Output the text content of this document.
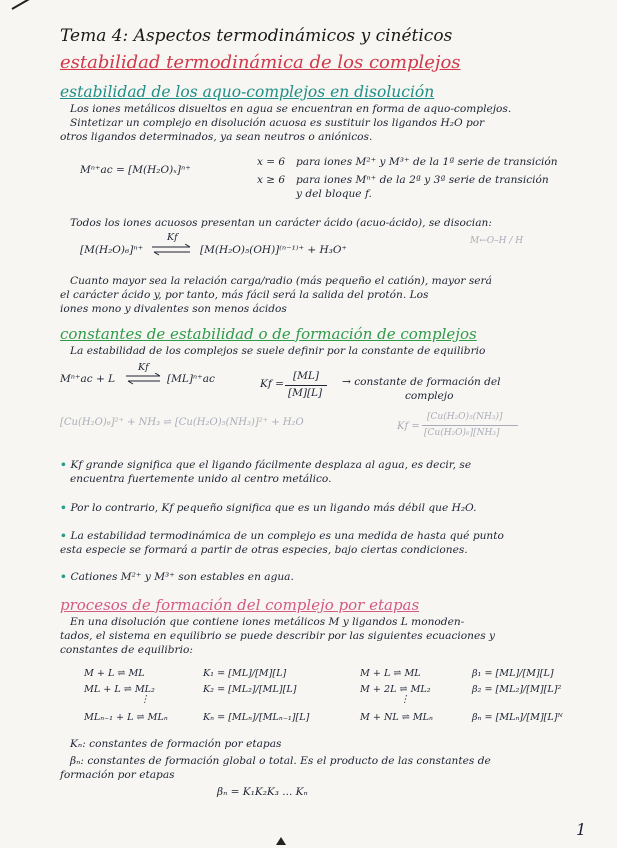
Tema 4: Aspectos termodinámicos y cinéticos
estabilidad termodinámica de los complejos
estabilidad de los aquo-complejos en disolución
Los iones metálicos disueltos en agua se encuentran en forma de aquo-complejos.
Sintetizar un complejo en disolución acuosa es sustituir los ligandos H₂O por
otros ligandos determinados, ya sean neutros o aniónicos.
Mⁿ⁺ac = [M(H₂O)ₓ]ⁿ⁺
x = 6 para iones M²⁺ y M³⁺ de la 1ª serie de transición
x ≥ 6 para iones Mⁿ⁺ de la 2ª y 3ª serie de transición
y del bloque f.
Todos los iones acuosos presentan un carácter ácido (acuo-ácido), se disocian:
[M(H₂O)₆]ⁿ⁺
Kf
⇌ [M(H₂O)₅(OH)]⁽ⁿ⁻¹⁾⁺ + H₃O⁺
M←O–H / H
Cuanto mayor sea la relación carga/radio (más pequeño el catión), mayor será
el carácter ácido y, por tanto, más fácil será la salida del protón. Los
iones mono y divalentes son menos ácidos
constantes de estabilidad o de formación de complejos
La estabilidad de los complejos se suele definir por la constante de equilibrio
Mⁿ⁺ac + L
Kf
⇌ [ML]ⁿ⁺ac	Kf =
[ML]
[M][L]
→ constante de formación del
complejo
[Cu(H₂O)₆]²⁺ + NH₃ ⇌ [Cu(H₂O)₅(NH₃)]²⁺ + H₂O	Kf =
[Cu(H₂O)₅(NH₃)]
[Cu(H₂O)₆][NH₃]
• Kf grande significa que el ligando fácilmente desplaza al agua, es decir, se
encuentra fuertemente unido al centro metálico.
• Por lo contrario, Kf pequeño significa que es un ligando más débil que H₂O.
• La estabilidad termodinámica de un complejo es una medida de hasta qué punto
esta especie se formará a partir de otras especies, bajo ciertas condiciones.
• Cationes M²⁺ y M³⁺ son estables en agua.
procesos de formación del complejo por etapas
En una disolución que contiene iones metálicos M y ligandos L monoden-
tados, el sistema en equilibrio se puede describir por las siguientes ecuaciones y
constantes de equilibrio:
M + L ⇌ ML	K₁ = [ML]/[M][L]	M + L ⇌ ML	β₁ = [ML]/[M][L]
ML + L ⇌ ML₂	K₂ = [ML₂]/[ML][L]	M + 2L ⇌ ML₂	β₂ = [ML₂]/[M][L]²
⋮	⋮
MLₙ₋₁ + L ⇌ MLₙ	Kₙ = [MLₙ]/[MLₙ₋₁][L]	M + NL ⇌ MLₙ	βₙ = [MLₙ]/[M][L]ᴺ
Kₙ: constantes de formación por etapas
βₙ: constantes de formación global o total. Es el producto de las constantes de
formación por etapas
βₙ = K₁K₂K₃ ... Kₙ
1
